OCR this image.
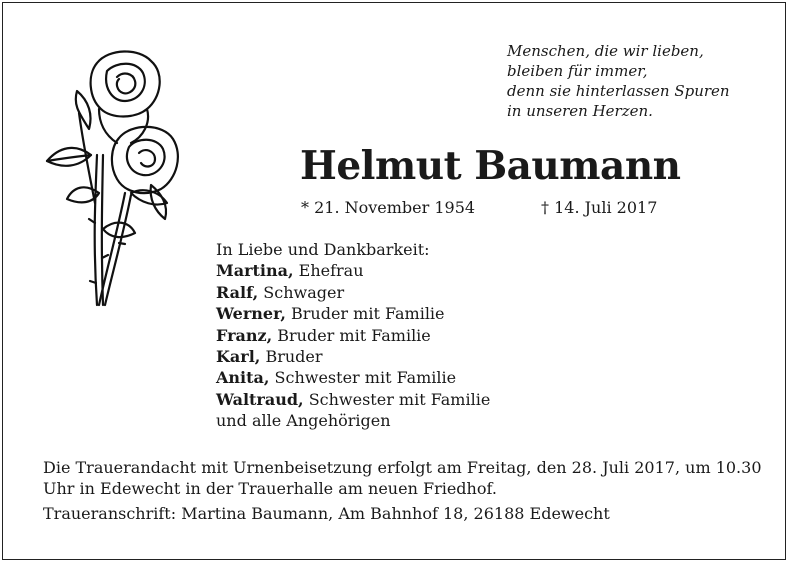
Menschen, die wir lieben,
bleiben für immer,
denn sie hinterlassen Spuren
in unseren Herzen.
Helmut Baumann
* 21. November 1954	† 14. Juli 2017
In Liebe und Dankbarkeit:
Martina, Ehefrau
Ralf, Schwager
Werner, Bruder mit Familie
Franz, Bruder mit Familie
Karl, Bruder
Anita, Schwester mit Familie
Waltraud, Schwester mit Familie
und alle Angehörigen
Die Trauerandacht mit Urnenbeisetzung erfolgt am Freitag, den 28. Juli 2017, um 10.30 Uhr in Edewecht in der Trauerhalle am neuen Friedhof.
Traueranschrift: Martina Baumann, Am Bahnhof 18, 26188 Edewecht
